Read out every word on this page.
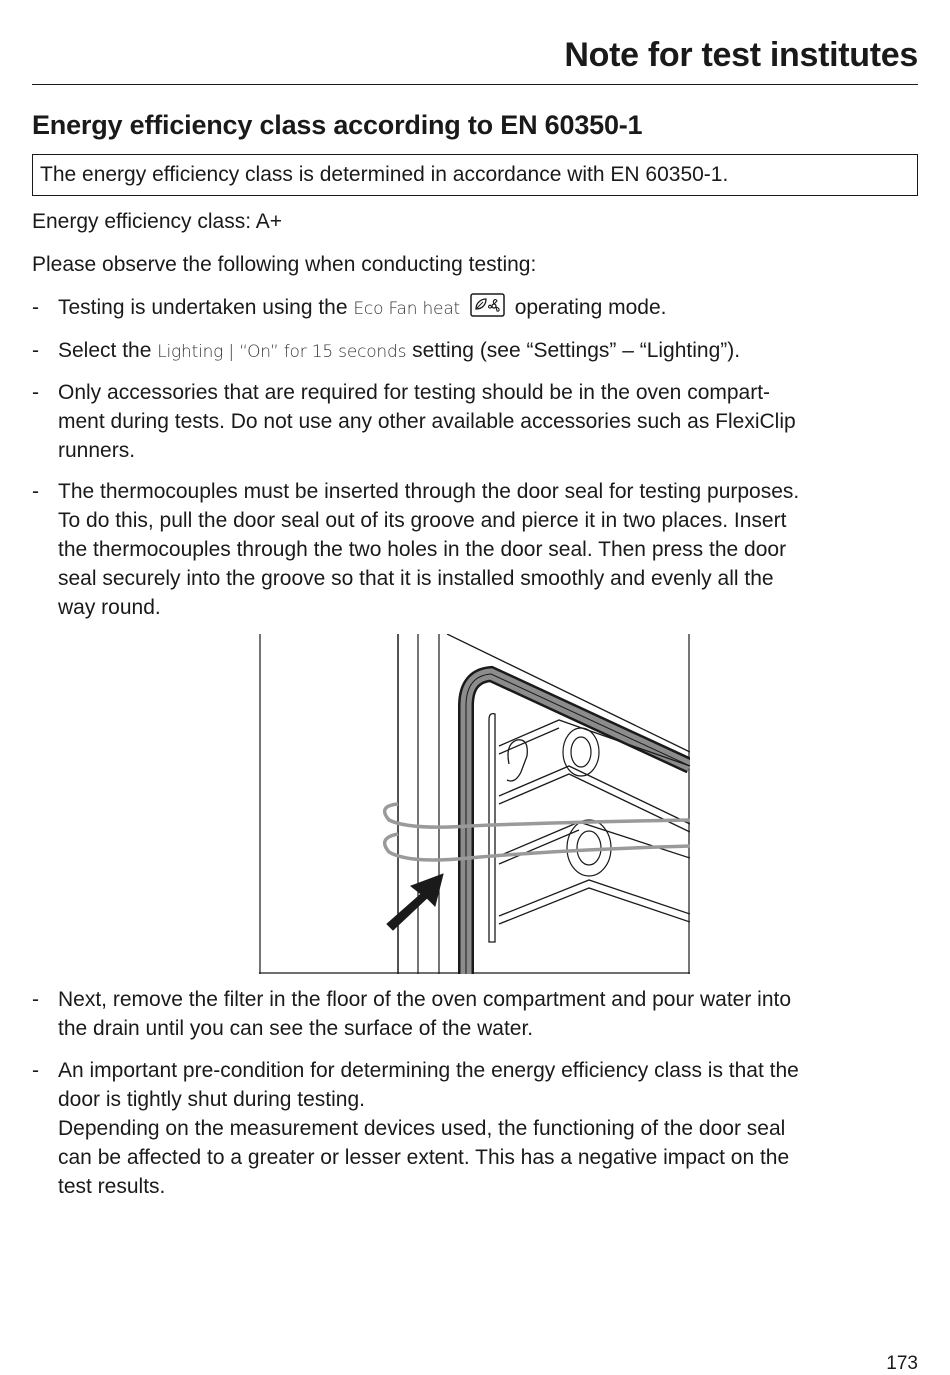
Note for test institutes
Energy efficiency class according to EN 60350-1
The energy efficiency class is determined in accordance with EN 60350-1.
Energy efficiency class: A+
Please observe the following when conducting testing:
- Testing is undertaken using the Eco Fan heat	operating mode.
- Select the Lighting | “On” for 15 seconds setting (see “Settings” – “Lighting”).
- Only accessories that are required for testing should be in the oven compart-
ment during tests. Do not use any other available accessories such as FlexiClip
runners.
- The thermocouples must be inserted through the door seal for testing purposes.
To do this, pull the door seal out of its groove and pierce it in two places. Insert
the thermocouples through the two holes in the door seal. Then press the door
seal securely into the groove so that it is installed smoothly and evenly all the
way round.
- Next, remove the filter in the floor of the oven compartment and pour water into
the drain until you can see the surface of the water.
- An important pre-condition for determining the energy efficiency class is that the
door is tightly shut during testing.
Depending on the measurement devices used, the functioning of the door seal
can be affected to a greater or lesser extent. This has a negative impact on the
test results.
173
